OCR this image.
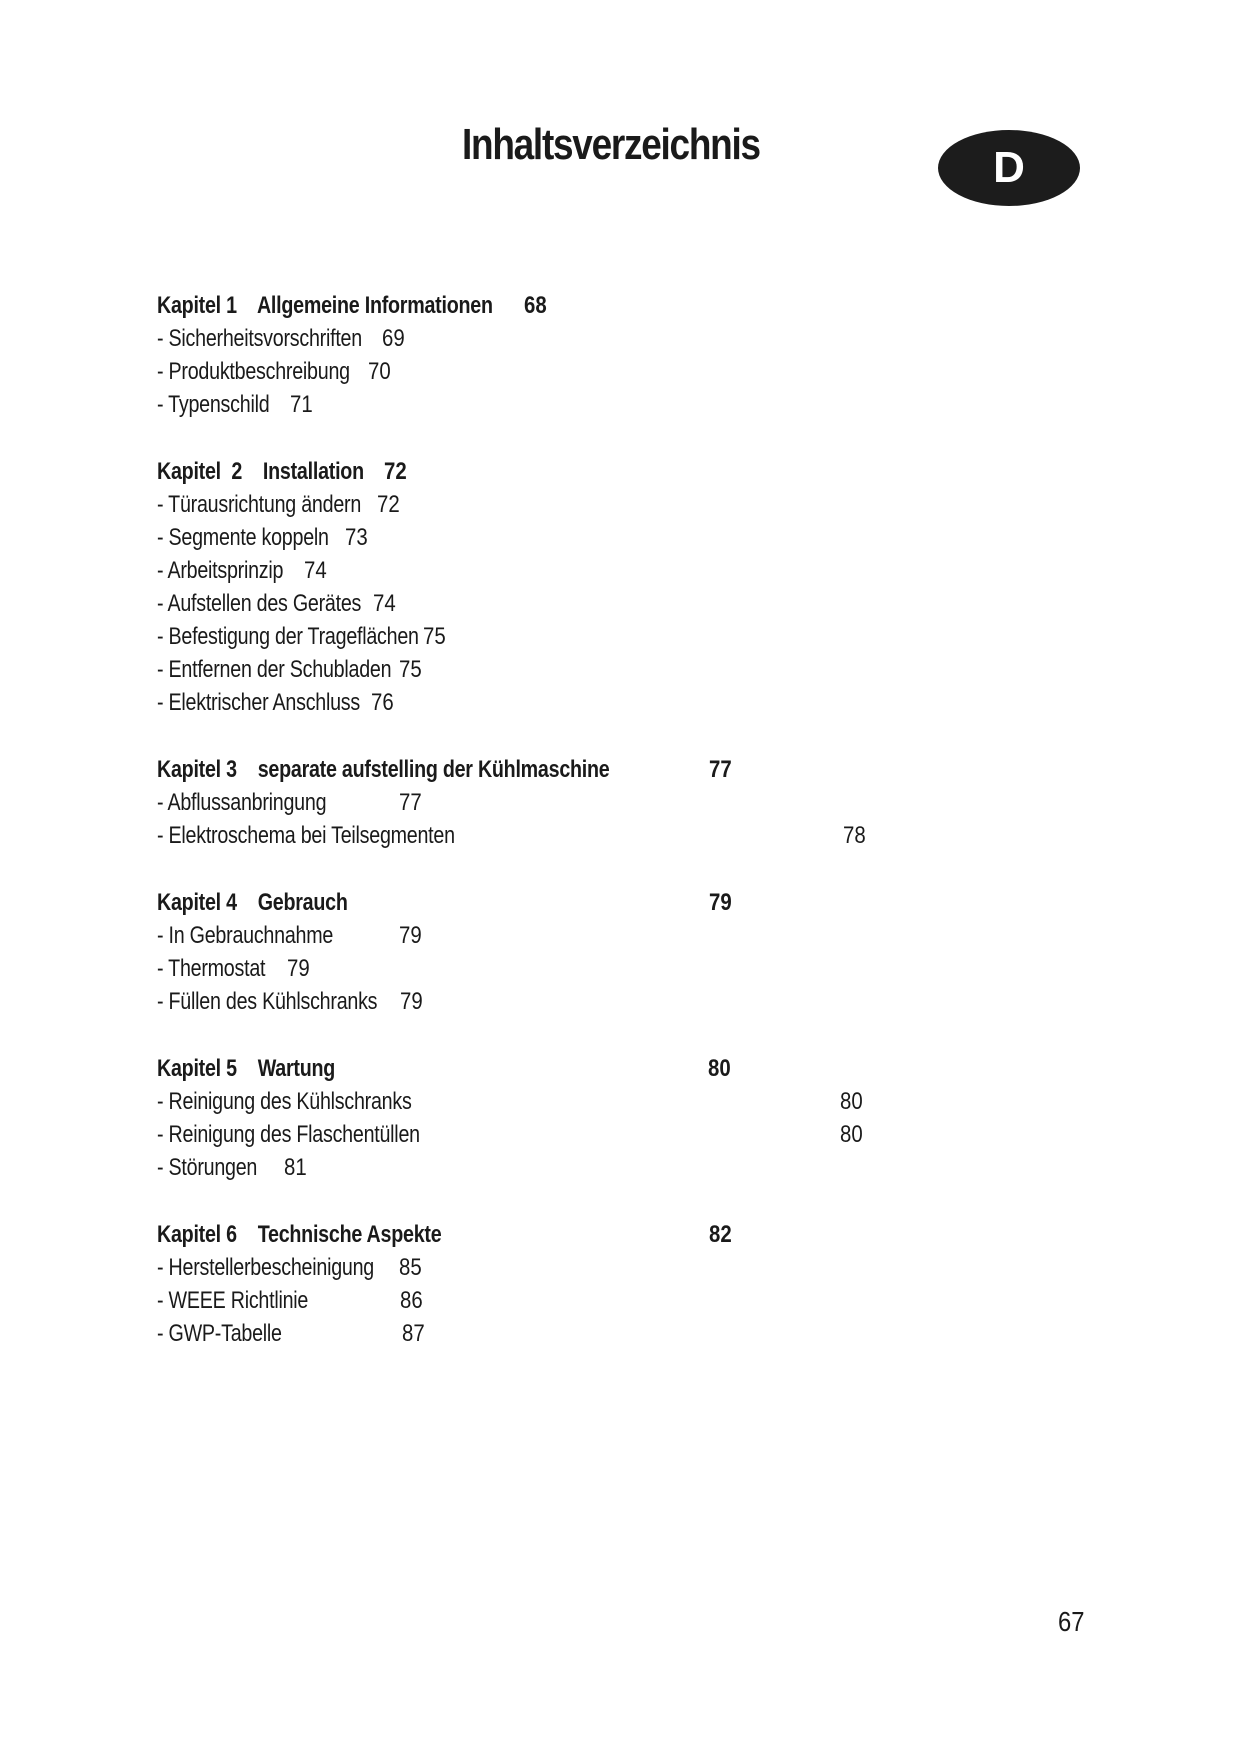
Inhaltsverzeichnis	D
Kapitel 1    Allgemeine Informationen 68
- Sicherheitsvorschriften 69
- Produktbeschreibung 70
- Typenschild 71
Kapitel  2    Installation 72
- Türausrichtung ändern 72
- Segmente koppeln 73
- Arbeitsprinzip 74
- Aufstellen des Gerätes 74
- Befestigung der Trageflächen 75
- Entfernen der Schubladen 75
- Elektrischer Anschluss 76
Kapitel 3    separate aufstelling der Kühlmaschine	77
- Abflussanbringung	77
- Elektroschema bei Teilsegmenten	78
Kapitel 4    Gebrauch	79
- In Gebrauchnahme	79
- Thermostat 79
- Füllen des Kühlschranks 79
Kapitel 5    Wartung	80
- Reinigung des Kühlschranks	80
- Reinigung des Flaschentüllen	80
- Störungen 81
Kapitel 6    Technische Aspekte	82
- Herstellerbescheinigung 85
- WEEE Richtlinie	86
- GWP-Tabelle	87
67
